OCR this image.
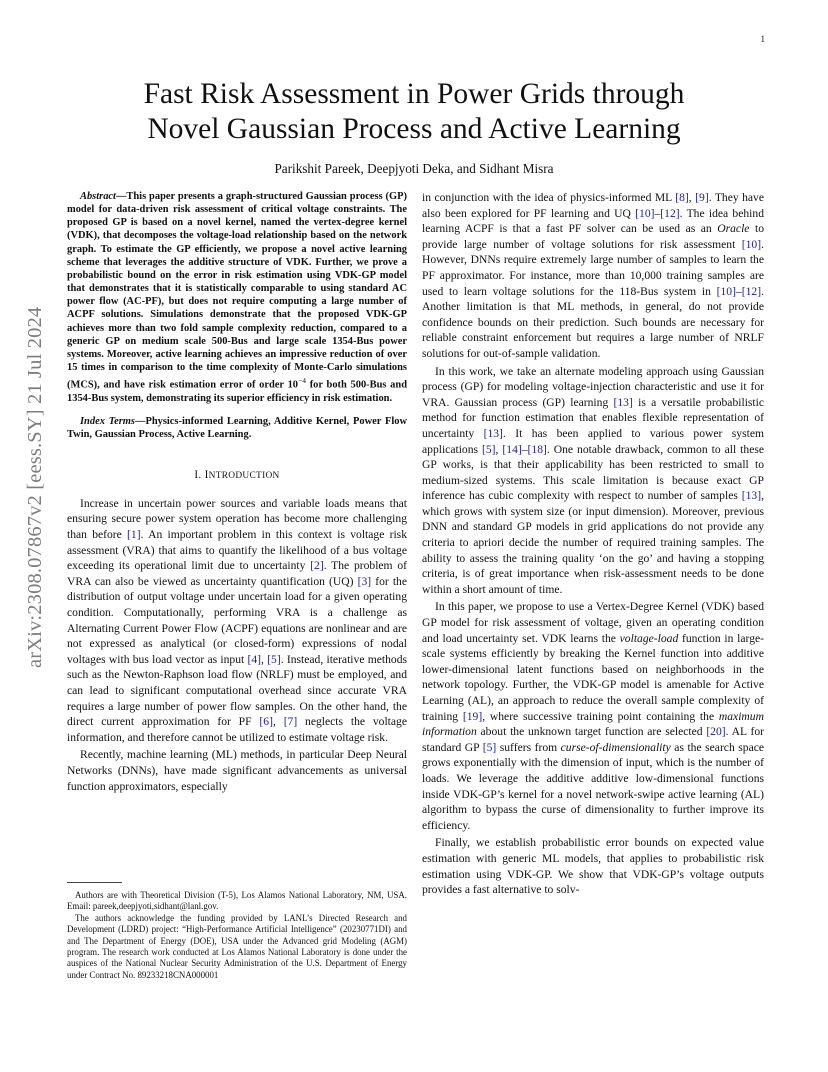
1
arXiv:2308.07867v2 [eess.SY] 21 Jul 2024
Fast Risk Assessment in Power Grids through
Novel Gaussian Process and Active Learning
Parikshit Pareek, Deepjyoti Deka, and Sidhant Misra

Abstract—This paper presents a graph-structured Gaussian process (GP) model for data-driven risk assessment of critical voltage constraints. The proposed GP is based on a novel kernel, named the vertex-degree kernel (VDK), that decomposes the voltage-load relationship based on the network graph. To estimate the GP efficiently, we propose a novel active learning scheme that leverages the additive structure of VDK. Further, we prove a probabilistic bound on the error in risk estimation using VDK-GP model that demonstrates that it is statistically comparable to using standard AC power flow (AC-PF), but does not require computing a large number of ACPF solutions. Simulations demonstrate that the proposed VDK-GP achieves more than two fold sample complexity reduction, compared to a generic GP on medium scale 500-Bus and large scale 1354-Bus power systems. Moreover, active learning achieves an impressive reduction of over 15 times in comparison to the time complexity of Monte-Carlo simulations (MCS), and have risk estimation error of order $10^{-4}$ for both 500-Bus and 1354-Bus system, demonstrating its superior efficiency in risk estimation.

Index Terms—Physics-informed Learning, Additive Kernel, Power Flow Twin, Gaussian Process, Active Learning.

I. INTRODUCTION

Increase in uncertain power sources and variable loads means that ensuring secure power system operation has become more challenging than before [1]. An important problem in this context is voltage risk assessment (VRA) that aims to quantify the likelihood of a bus voltage exceeding its operational limit due to uncertainty [2]. The problem of VRA can also be viewed as uncertainty quantification (UQ) [3] for the distribution of output voltage under uncertain load for a given operating condition. Computationally, performing VRA is a challenge as Alternating Current Power Flow (ACPF) equations are nonlinear and are not expressed as analytical (or closed-form) expressions of nodal voltages with bus load vector as input [4], [5]. Instead, iterative methods such as the Newton-Raphson load flow (NRLF) must be employed, and can lead to significant computational overhead since accurate VRA requires a large number of power flow samples. On the other hand, the direct current approximation for PF [6], [7] neglects the voltage information, and therefore cannot be utilized to estimate voltage risk.

Recently, machine learning (ML) methods, in particular Deep Neural Networks (DNNs), have made significant advancements as universal function approximators, especially

Authors are with Theoretical Division (T-5), Los Alamos National Laboratory, NM, USA. Email: pareek,deepjyoti,sidhant@lanl.gov.

The authors acknowledge the funding provided by LANL’s Directed Research and Development (LDRD) project: “High-Performance Artificial Intelligence” (20230771DI) and and The Department of Energy (DOE), USA under the Advanced grid Modeling (AGM) program. The research work conducted at Los Alamos National Laboratory is done under the auspices of the National Nuclear Security Administration of the U.S. Department of Energy under Contract No. 89233218CNA000001

in conjunction with the idea of physics-informed ML [8], [9]. They have also been explored for PF learning and UQ [10]–[12]. The idea behind learning ACPF is that a fast PF solver can be used as an Oracle to provide large number of voltage solutions for risk assessment [10]. However, DNNs require extremely large number of samples to learn the PF approximator. For instance, more than 10,000 training samples are used to learn voltage solutions for the 118-Bus system in [10]–[12]. Another limitation is that ML methods, in general, do not provide confidence bounds on their prediction. Such bounds are necessary for reliable constraint enforcement but requires a large number of NRLF solutions for out-of-sample validation.

In this work, we take an alternate modeling approach using Gaussian process (GP) for modeling voltage-injection characteristic and use it for VRA. Gaussian process (GP) learning [13] is a versatile probabilistic method for function estimation that enables flexible representation of uncertainty [13]. It has been applied to various power system applications [5], [14]–[18]. One notable drawback, common to all these GP works, is that their applicability has been restricted to small to medium-sized systems. This scale limitation is because exact GP inference has cubic complexity with respect to number of samples [13], which grows with system size (or input dimension). Moreover, previous DNN and standard GP models in grid applications do not provide any criteria to apriori decide the number of required training samples. The ability to assess the training quality ‘on the go’ and having a stopping criteria, is of great importance when risk-assessment needs to be done within a short amount of time.

In this paper, we propose to use a Vertex-Degree Kernel (VDK) based GP model for risk assessment of voltage, given an operating condition and load uncertainty set. VDK learns the voltage-load function in large-scale systems efficiently by breaking the Kernel function into additive lower-dimensional latent functions based on neighborhoods in the network topology. Further, the VDK-GP model is amenable for Active Learning (AL), an approach to reduce the overall sample complexity of training [19], where successive training point containing the maximum information about the unknown target function are selected [20]. AL for standard GP [5] suffers from curse-of-dimensionality as the search space grows exponentially with the dimension of input, which is the number of loads. We leverage the additive additive low-dimensional functions inside VDK-GP’s kernel for a novel network-swipe active learning (AL) algorithm to bypass the curse of dimensionality to further improve its efficiency.

Finally, we establish probabilistic error bounds on expected value estimation with generic ML models, that applies to probabilistic risk estimation using VDK-GP. We show that VDK-GP’s voltage outputs provides a fast alternative to solv-
